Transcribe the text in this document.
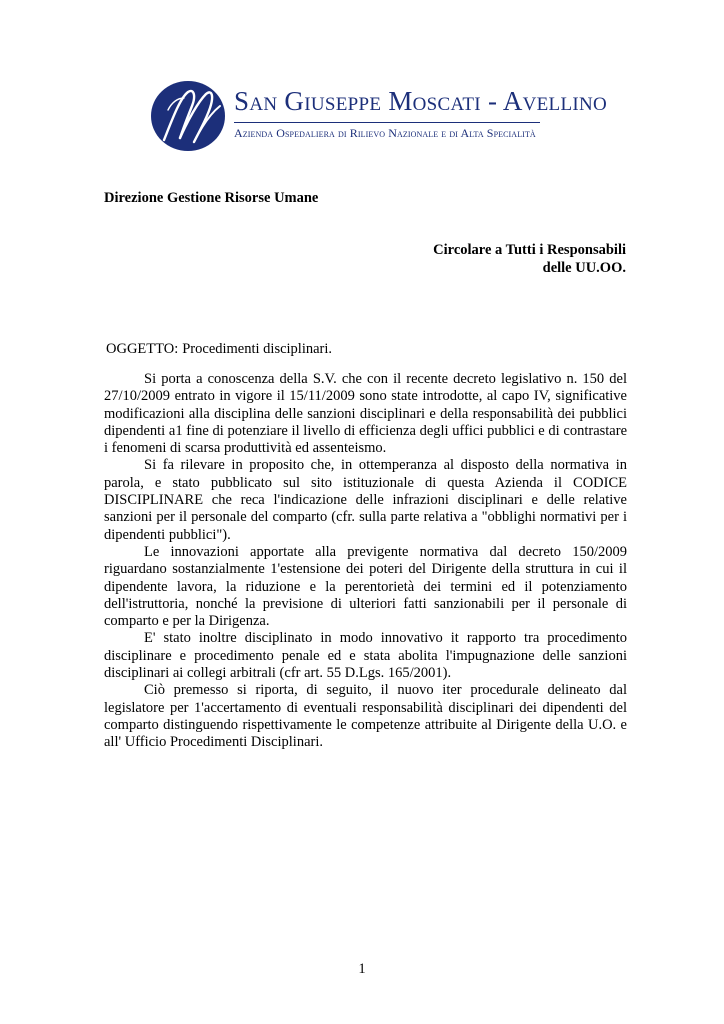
San Giuseppe Moscati - Avellino

Azienda Ospedaliera di Rilievo Nazionale e di Alta Specialità

Direzione Gestione Risorse Umane

Circolare a Tutti i Responsabili
delle UU.OO.

OGGETTO: Procedimenti disciplinari.

Si porta a conoscenza della S.V. che con il recente decreto legislativo n. 150 del 27/10/2009 entrato in vigore il 15/11/2009 sono state introdotte, al capo IV, significative modificazioni alla disciplina delle sanzioni disciplinari e della responsabilità dei pubblici dipendenti a1 fine di potenziare il livello di efficienza degli uffici pubblici e di contrastare i fenomeni di scarsa produttività ed assenteismo.

Si fa rilevare in proposito che, in ottemperanza al disposto della normativa in parola, e stato pubblicato sul sito istituzionale di questa Azienda il CODICE DISCIPLINARE che reca l'indicazione delle infrazioni disciplinari e delle relative sanzioni per il personale del comparto (cfr. sulla parte relativa a "obblighi normativi per i dipendenti pubblici").

Le innovazioni apportate alla previgente normativa dal decreto 150/2009 riguardano sostanzialmente 1'estensione dei poteri del Dirigente della struttura in cui il dipendente lavora, la riduzione e la perentorietà dei termini ed il potenziamento dell'istruttoria, nonché la previsione di ulteriori fatti sanzionabili per il personale di comparto e per la Dirigenza.

E' stato inoltre disciplinato in modo innovativo it rapporto tra procedimento disciplinare e procedimento penale ed e stata abolita l'impugnazione delle sanzioni disciplinari ai collegi arbitrali (cfr art. 55 D.Lgs. 165/2001).

Ciò premesso si riporta, di seguito, il nuovo iter procedurale delineato dal legislatore per 1'accertamento di eventuali responsabilità disciplinari dei dipendenti del comparto distinguendo rispettivamente le competenze attribuite al Dirigente della U.O. e all' Ufficio Procedimenti Disciplinari.

1
